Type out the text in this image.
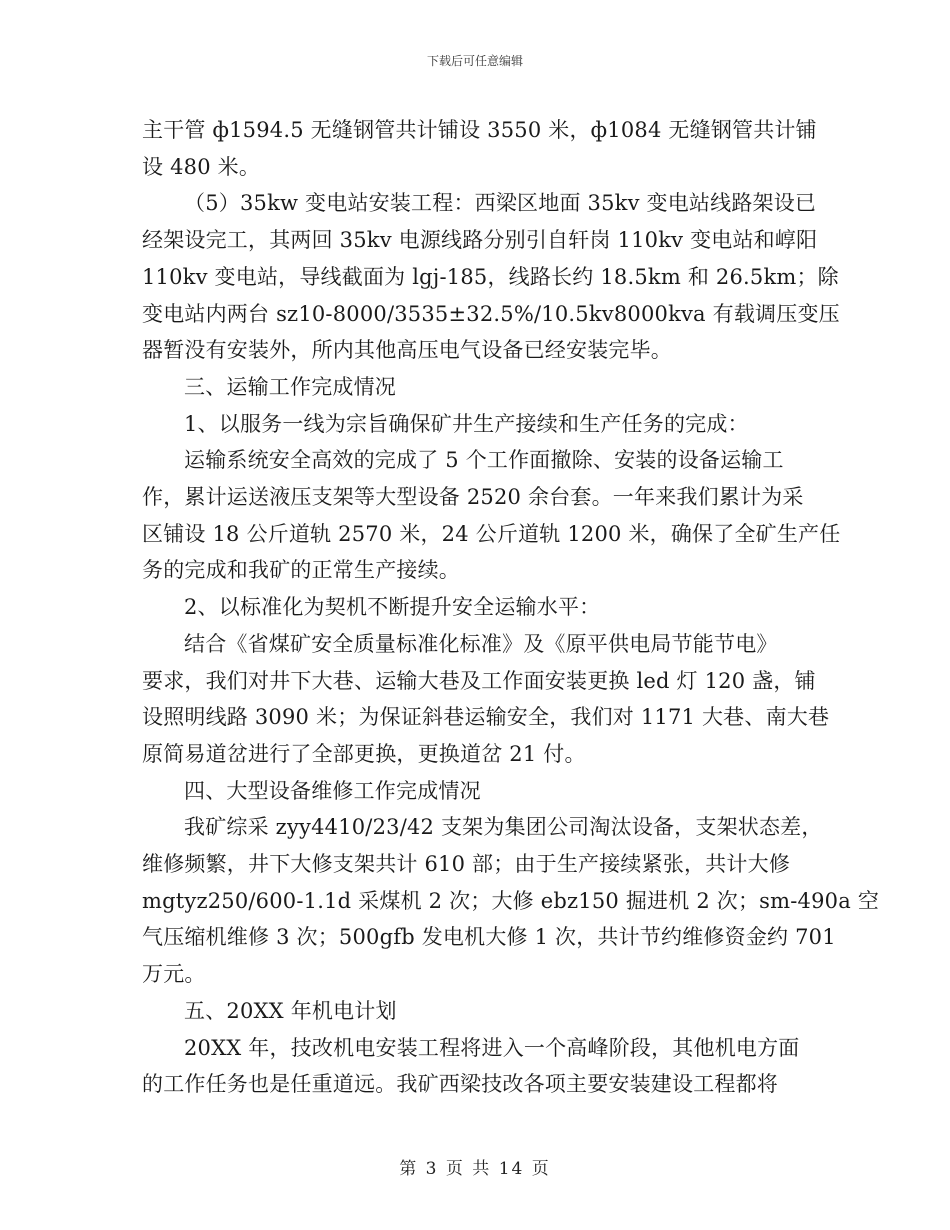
下载后可任意编辑

主干管 ф1594.5 无缝钢管共计铺设 3550 米，ф1084 无缝钢管共计铺

设 480 米。

（5）35kw 变电站安装工程：西梁区地面 35kv 变电站线路架设已

经架设完工，其两回 35kv 电源线路分别引自轩岗 110kv 变电站和崞阳

110kv 变电站，导线截面为 lgj-185，线路长约 18.5km 和 26.5km；除

变电站内两台 sz10-8000/3535±32.5%/10.5kv8000kva 有载调压变压

器暂没有安装外，所内其他高压电气设备已经安装完毕。

三、运输工作完成情况

1、以服务一线为宗旨确保矿井生产接续和生产任务的完成：

运输系统安全高效的完成了 5 个工作面撤除、安装的设备运输工

作，累计运送液压支架等大型设备 2520 余台套。一年来我们累计为采

区铺设 18 公斤道轨 2570 米，24 公斤道轨 1200 米，确保了全矿生产任

务的完成和我矿的正常生产接续。

2、以标准化为契机不断提升安全运输水平：

结合《省煤矿安全质量标准化标准》及《原平供电局节能节电》

要求，我们对井下大巷、运输大巷及工作面安装更换 led 灯 120 盏，铺

设照明线路 3090 米；为保证斜巷运输安全，我们对 1171 大巷、南大巷

原简易道岔进行了全部更换，更换道岔 21 付。

四、大型设备维修工作完成情况

我矿综采 zyy4410/23/42 支架为集团公司淘汰设备，支架状态差，

维修频繁，井下大修支架共计 610 部；由于生产接续紧张，共计大修

mgtyz250/600-1.1d 采煤机 2 次；大修 ebz150 掘进机 2 次；sm-490a 空

气压缩机维修 3 次；500gfb 发电机大修 1 次，共计节约维修资金约 701

万元。

五、20XX 年机电计划

20XX 年，技改机电安装工程将进入一个高峰阶段，其他机电方面

的工作任务也是任重道远。我矿西梁技改各项主要安装建设工程都将

第 3 页 共 14 页
